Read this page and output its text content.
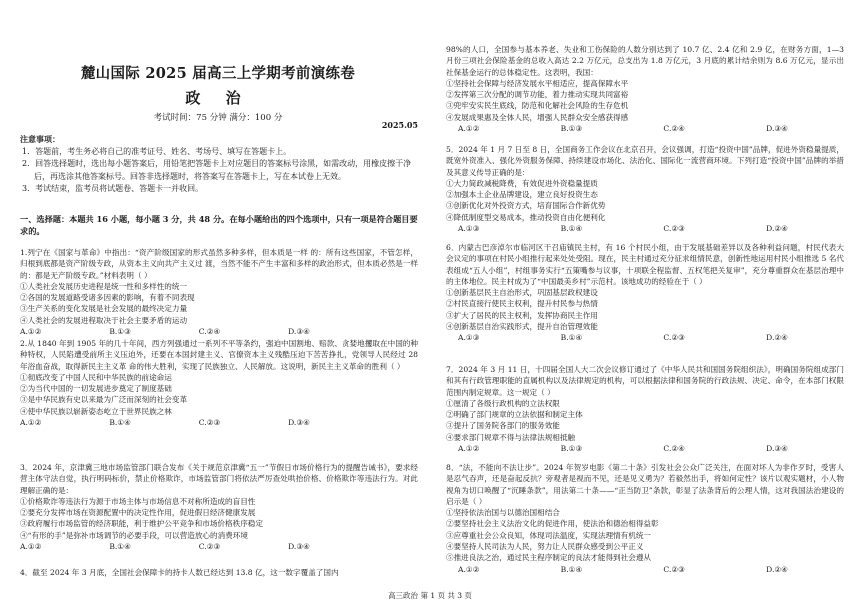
麓山国际 2025 届高三上学期考前演练卷
政 治
考试时间：75 分钟 满分：100 分
2025.05
注意事项：
1．答题前，考生务必将自己的准考证号、姓名、考场号、填写在答题卡上。
2．回答选择题时，选出每小题答案后，用铅笔把答题卡上对应题目的答案标号涂黑，如需改动，用橡皮擦干净后，再选涂其他答案标号。回答非选择题时，将答案写在答题卡上，写在本试卷上无效。
3．考试结束，监考员将试题卷、答题卡一并收回。
一、选择题：本题共 16 小题，每小题 3 分，共 48 分。在每小题给出的四个选项中，只有一项是符合题目要求的。
1.列宁在《国家与革命》中指出：“资产阶级国家的形式虽然多种多样，但本质是一样 的：所有这些国家，不管怎样，归根到底都是资产阶级专政，从资本主义向共产主义过 渡，当然不能不产生丰富和多样的政治形式，但本质必然是一样的：都是无产阶级专政。”材料表明（ ）
①人类社会发展历史进程是统一性和多样性的统一
②各国的发展道路受诸多因素的影响，有着不同表现
③生产关系的变化发展是社会发展的最终决定力量
④人类社会的发展进程取决于社会主要矛盾的运动
A.①②	B.①③	C.②④	D.③④
2.从 1840 年到 1905 年的几十年间，西方列强通过一系列不平等条约，强迫中国割地、赔款、贪婪地攫取在中国的种种特权，人民陷遭受前所主义压迫外，还要在本国封建主义、官僚资本主义残酷压迫下苦苦挣扎，党领导人民经过 28 年浴血奋战，取得新民主主义革 命的伟大胜利，实现了民族独立、人民解放。这说明，新民主主义革命的胜利（ ）
①彻底改变了中国人民和中华民族的前途命运
②为当代中国的一切发展进步奠定了制度基础
③是中华民族有史以来最为广泛而深刻的社会变革
④使中华民族以崭新姿态屹立于世界民族之林
A.①②	B.①④	C.②③	D.③④
3．2024 年，京津冀三地市场监管部门联合发布《关于规范京津冀“五一”节假日市场价格行为的提醒告诫书》，要求经营主体守法自觉，执行明码标价，禁止价格欺诈，市场监管部门将依法严厉查处哄抬价格、价格欺诈等违法行为。对此理解正确的是：
①价格欺诈等违法行为源于市场主体与市场信息不对称所造成的盲目性
②要充分发挥市场在资源配置中的决定性作用，促进假日经济健康发展
③政府履行市场监管的经济职能，利于维护公平竞争和市场价格秩序稳定
④“有形的手”是弥补市场调节的必要手段，可以营造放心的消费环境
A.①②	B.①④	C.②③	D.③④
4．截至 2024 年 3 月底，全国社会保障卡的持卡人数已经达到 13.8 亿，这一数字覆盖了国内
98%的人口，全国参与基本养老、失业和工伤保险的人数分别达到了 10.7 亿、2.4 亿和 2.9 亿，在财务方面，1—3 月份三项社会保险基金的总收入高达 2.2 万亿元，总支出为 1.8 万亿元，3 月底的累计结余则为 8.6 万亿元，显示出社保基金运行的总体稳定性。这表明，我国：
①坚持社会保障与经济发展水平相适应，提高保障水平
②发挥第三次分配的调节功能，着力推动实现共同富裕
③兜牢安实民生底线，防范和化解社会风险的生存危机
④发展成果惠及全体人民，增强人民群众安全感获得感
A.①②	B.①③	C.②④	D.③④
5．2024 年 1 月 7 日至 8 日，全国商务工作会议在北京召开，会议强调，打造“投资中国”品牌，促进外资稳量提质，既宽外资准入、强化外资服务保障、持续建设市场化、法治化、国际化一流营商环境。下列打造“投资中国”品牌的举措及其意义传导正确的是：
①大力简政减税降费，有效促进外资稳量提质
②加强本土企业品牌建设，建立良好投资生态
③创新优化对外投资方式，培育国际合作新优势
④降低制度型交易成本，推动投资自由化便利化
A.①③	B.①④	C.②③	D.②④
6．内蒙古巴彦淖尔市临河区干召庙镇民主村，有 16 个村民小组，由于发展基础差异以及各种利益问题，村民代表大会议定的事项在村民小组推行起来处处受阻。现在，民主村通过充分征求组情民意，创新性地运用村民小组推选 5 名代表组成“五人小组”，村组事务实行“五策嘴参与议事，十项联全程监督、五权笔把关复审”，充分尊重群众在基层治理中的主体地位。民主村成为了“中国最美乡村”示范村。该地成功的经验在于（ ）
①创新基层民主自治形式，巩固基层政权建设
②村民直接行使民主权利，提升村民参与热情
③扩大了居民的民主权利，发挥协商民主作用
④创新基层自治实践形式，提升自治管理效能
A.①③	B.①④	C.②③	D.②④
7．2024 年 3 月 11 日，十四届全国人大二次会议修订通过了《中华人民共和国国务院组织法》，明确国务院组成部门和其有行政管理职能的直属机构以及法律规定的机构，可以根据法律和国务院的行政法规、决定、命令，在本部门权限范围内制定规章。这一规定（ ）
①厘清了各级行政机构的立法权限
②明确了部门规章的立法依据和制定主体
③提升了国务院各部门的服务效能
④要求部门规章不得与法律法规相抵触
A.①②	B.①③	C.②④	D.③④
8．“法，不能向不法让步”。2024 年贺岁电影《第二十条》引发社会公众广泛关注，在面对坏人为非作歹时，受害人是忍气吞声，还是奋起反抗？旁观者是视而不见，还是见义勇为？若毅然出手，将如何定性？该片以观实题材，小人物视角为切口唤醒了“沉睡条款”，用法第二十条——“正当防卫”条款，彰显了法条背后的公理人情，这对我国法治建设的启示是（ ）
①坚持依法治国与以德治国相结合
②要坚持社会主义法治文化的促进作用，使法治和德治相得益彰
③应尊重社会公众良知，体现司法温度，实现法理情有机统一
④要坚持人民司法为人民，努力让人民群众感受到公平正义
⑤推进良法之治，通过民主程序制定的良法才能得到社会遵从
A.①②	B.①④	C.②③	D.②④
高三政治 第 1 页 共 3 页
